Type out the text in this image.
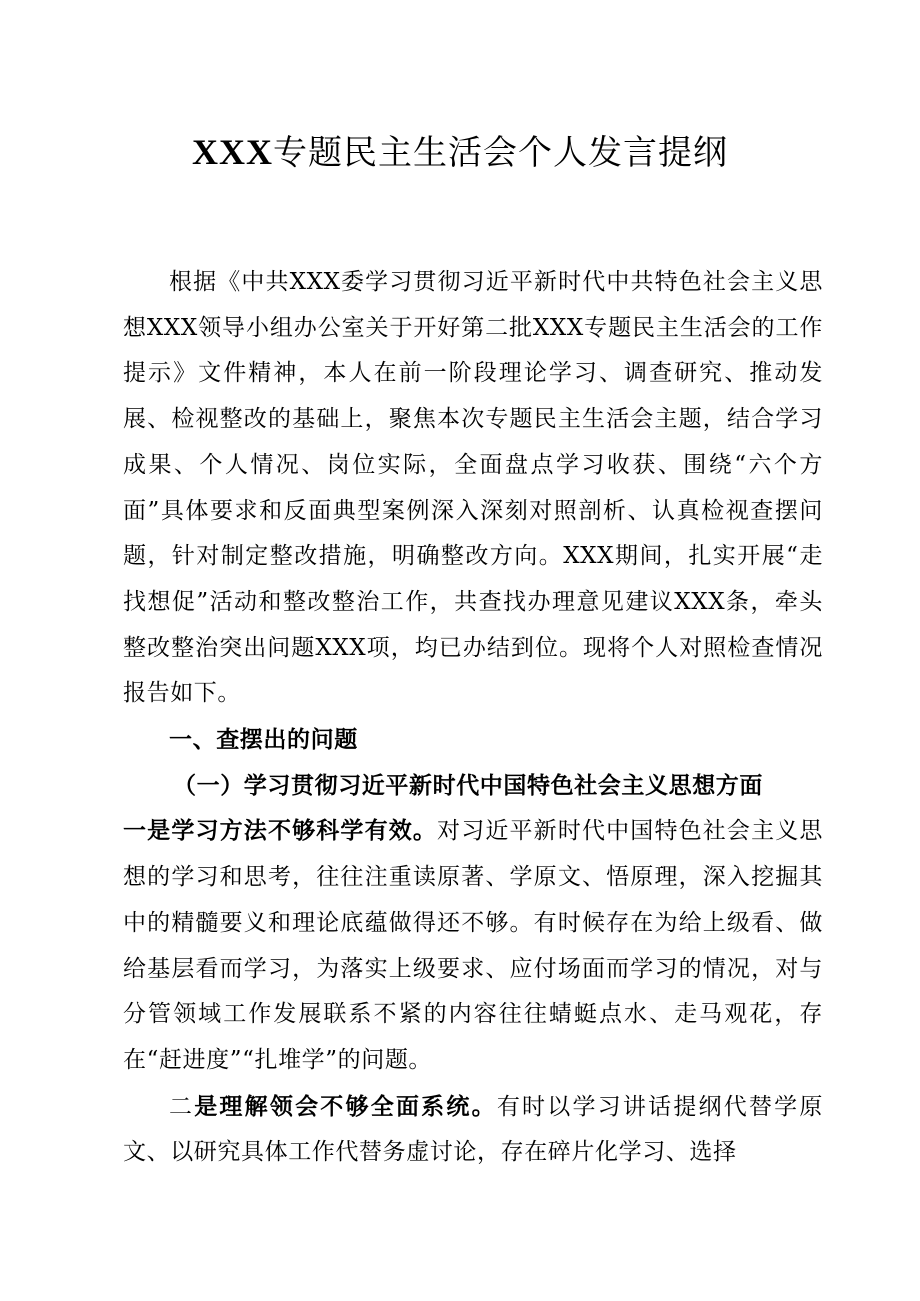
XXX专题民主生活会个人发言提纲

根据《中共XXX委学习贯彻习近平新时代中共特色社会主义思想XXX领导小组办公室关于开好第二批XXX专题民主生活会的工作提示》文件精神，本人在前一阶段理论学习、调查研究、推动发展、检视整改的基础上，聚焦本次专题民主生活会主题，结合学习成果、个人情况、岗位实际，全面盘点学习收获、围绕“六个方面”具体要求和反面典型案例深入深刻对照剖析、认真检视查摆问题，针对制定整改措施，明确整改方向。XXX期间，扎实开展“走找想促”活动和整改整治工作，共查找办理意见建议XXX条，牵头整改整治突出问题XXX项，均已办结到位。现将个人对照检查情况报告如下。

一、查摆出的问题

（一）学习贯彻习近平新时代中国特色社会主义思想方面

一是学习方法不够科学有效。对习近平新时代中国特色社会主义思想的学习和思考，往往注重读原著、学原文、悟原理，深入挖掘其中的精髓要义和理论底蕴做得还不够。有时候存在为给上级看、做给基层看而学习，为落实上级要求、应付场面而学习的情况，对与分管领域工作发展联系不紧的内容往往蜻蜓点水、走马观花，存在“赶进度”“扎堆学”的问题。

二是理解领会不够全面系统。有时以学习讲话提纲代替学原文、以研究具体工作代替务虚讨论，存在碎片化学习、选择
